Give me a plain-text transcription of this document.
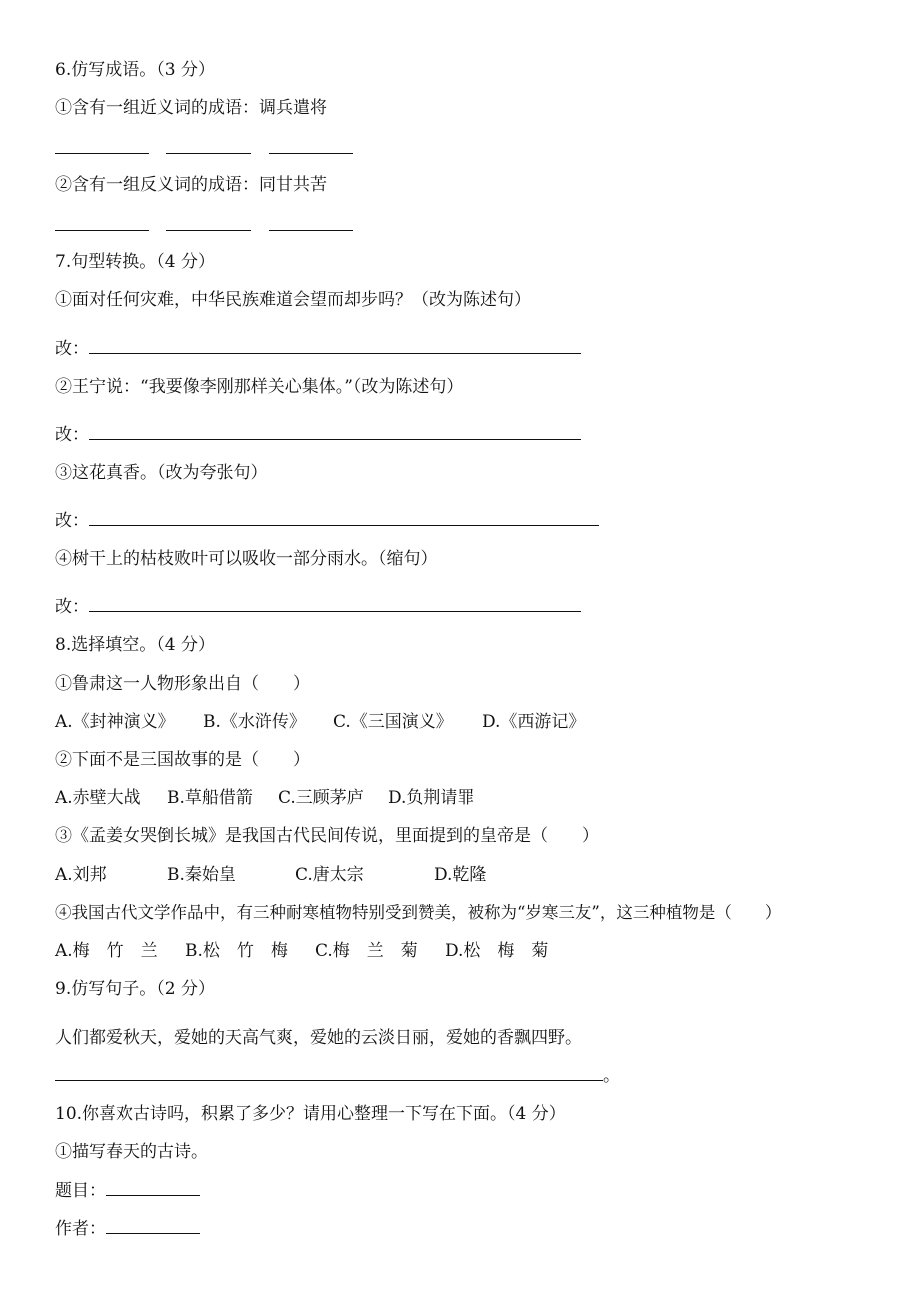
6.仿写成语。（3 分）
①含有一组近义词的成语：调兵遣将
②含有一组反义词的成语：同甘共苦
7.句型转换。（4 分）
①面对任何灾难，中华民族难道会望而却步吗？（改为陈述句）
改：
②王宁说：“我要像李刚那样关心集体。”（改为陈述句）
改：
③这花真香。（改为夸张句）
改：
④树干上的枯枝败叶可以吸收一部分雨水。（缩句）
改：
8.选择填空。（4 分）
①鲁肃这一人物形象出自（　　）
A.《封神演义》 B.《水浒传》 C.《三国演义》 D.《西游记》
②下面不是三国故事的是（　　）
A.赤壁大战 B.草船借箭 C.三顾茅庐 D.负荆请罪
③《孟姜女哭倒长城》是我国古代民间传说，里面提到的皇帝是（　　）
A.刘邦	B.秦始皇	C.唐太宗	D.乾隆
④我国古代文学作品中，有三种耐寒植物特别受到赞美，被称为“岁寒三友”，这三种植物是（　　）
A.梅　竹　兰 B.松　竹　梅 C.梅　兰　菊 D.松　梅　菊
9.仿写句子。（2 分）
人们都爱秋天，爱她的天高气爽，爱她的云淡日丽，爱她的香飘四野。
。
10.你喜欢古诗吗，积累了多少？请用心整理一下写在下面。（4 分）
①描写春天的古诗。
题目：
作者：
